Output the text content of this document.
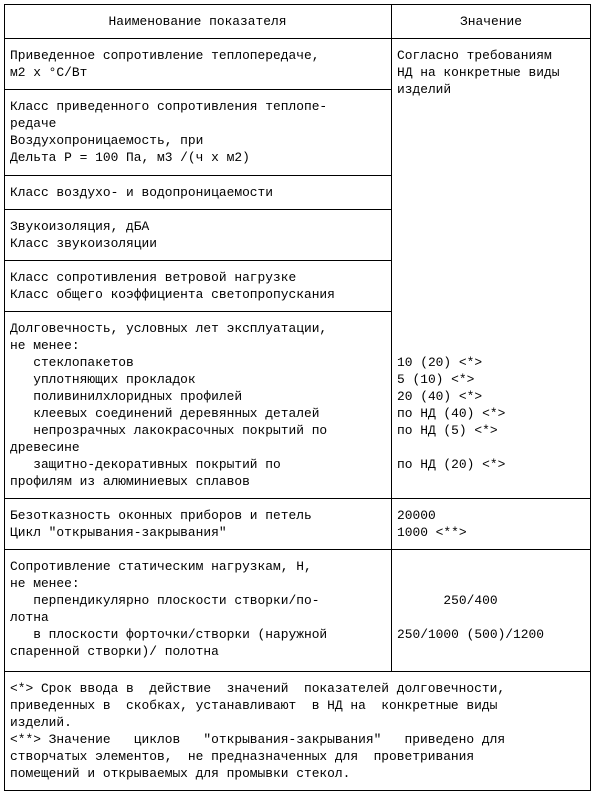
Наименование показателя	Значение
Приведенное сопротивление теплопередаче,
м2 x °C/Вт
Согласно требованиям
НД на конкретные виды
изделий
Класс приведенного сопротивления теплопе-
редаче
Воздухопроницаемость, при
Дельта P = 100 Па, м3 /(ч x м2)
Класс воздухо- и водопроницаемости
Звукоизоляция, дБА
Класс звукоизоляции
Класс сопротивления ветровой нагрузке
Класс общего коэффициента светопропускания
Долговечность, условных лет эксплуатации,
не менее:
стеклопакетов
уплотняющих прокладок
поливинилхлоридных профилей
клеевых соединений деревянных деталей
непрозрачных лакокрасочных покрытий по
древесине
защитно-декоративных покрытий по
профилям из алюминиевых сплавов

10 (20) <*>
5 (10) <*>
20 (40) <*>
по НД (40) <*>
по НД (5) <*>

по НД (20) <*>
Безотказность оконных приборов и петель
Цикл "открывания-закрывания"
20000
1000 <**>
Сопротивление статическим нагрузкам, Н,
не менее:
перпендикулярно плоскости створки/по-
лотна
в плоскости форточки/створки (наружной
спаренной створки)/ полотна

250/400

250/1000 (500)/1200
<*> Срок ввода в  действие  значений  показателей долговечности,
приведенных в  скобках, устанавливают  в НД на  конкретные виды
изделий.
<**> Значение   циклов   "открывания-закрывания"   приведено для
створчатых элементов,  не предназначенных для  проветривания
помещений и открываемых для промывки стекол.
